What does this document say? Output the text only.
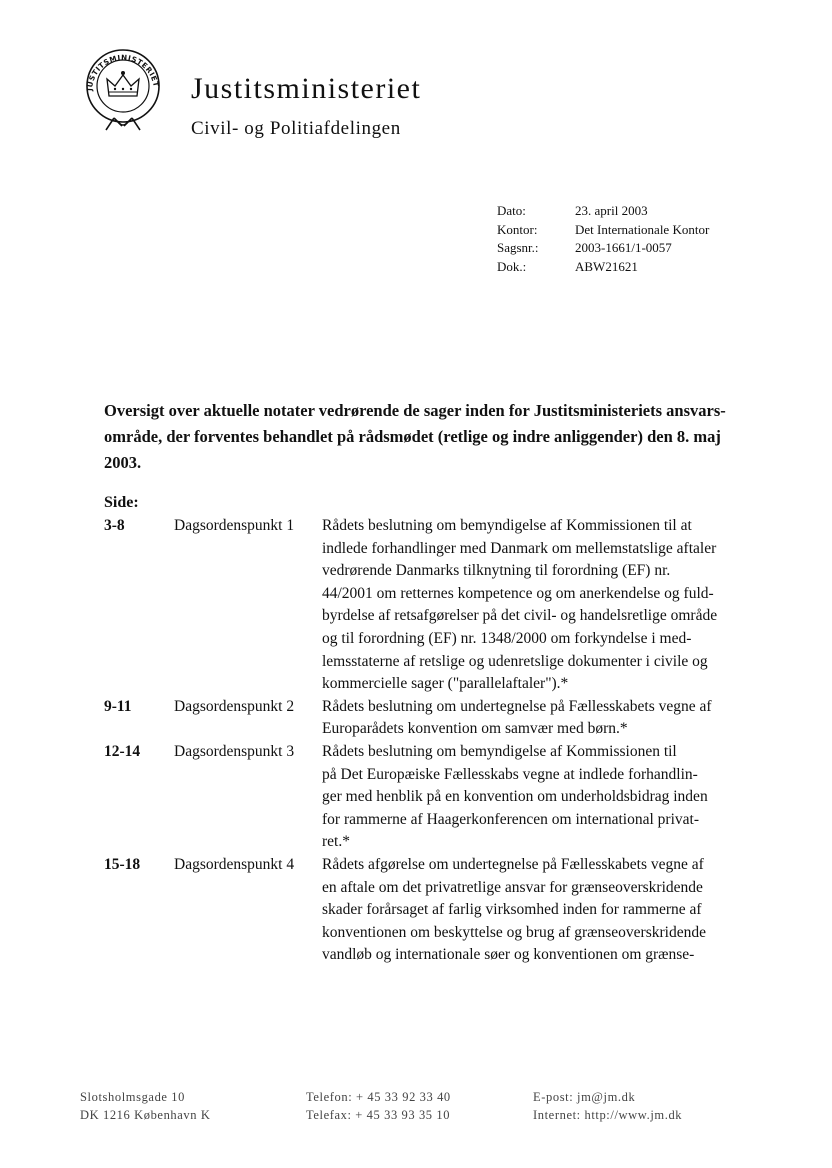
JUSTITSMINISTERIET Justitsministeriet
Civil- og Politiafdelingen
Dato:	23. april 2003
Kontor:	Det Internationale Kontor
Sagsnr.:	2003-1661/1-0057
Dok.:	ABW21621
Oversigt over aktuelle notater vedrørende de sager inden for Justitsministeriets ansvars-område, der forventes behandlet på rådsmødet (retlige og indre anliggender) den 8. maj 2003.
Side:
3-8	Dagsordenspunkt 1	Rådets beslutning om bemyndigelse af Kommissionen til at
indlede forhandlinger med Danmark om mellemstatslige aftaler
vedrørende Danmarks tilknytning til forordning (EF) nr.
44/2001 om retternes kompetence og om anerkendelse og fuld-
byrdelse af retsafgørelser på det civil- og handelsretlige område
og til forordning (EF) nr. 1348/2000 om forkyndelse i med-
lemsstaterne af retslige og udenretslige dokumenter i civile og
kommercielle sager ("parallelaftaler").*
9-11	Dagsordenspunkt 2	Rådets beslutning om undertegnelse på Fællesskabets vegne af
Europarådets konvention om samvær med børn.*
12-14	Dagsordenspunkt 3	Rådets beslutning om bemyndigelse af Kommissionen til
på Det Europæiske Fællesskabs vegne at indlede forhandlin-
ger med henblik på en konvention om underholdsbidrag inden
for rammerne af Haagerkonferencen om international privat-
ret.*
15-18	Dagsordenspunkt 4	Rådets afgørelse om undertegnelse på Fællesskabets vegne af
en aftale om det privatretlige ansvar for grænseoverskridende
skader forårsaget af farlig virksomhed inden for rammerne af
konventionen om beskyttelse og brug af grænseoverskridende
vandløb og internationale søer og konventionen om grænse-
Slotsholmsgade 10
DK 1216 København K
Telefon: + 45 33 92 33 40
Telefax: + 45 33 93 35 10
E-post: jm@jm.dk
Internet: http://www.jm.dk
